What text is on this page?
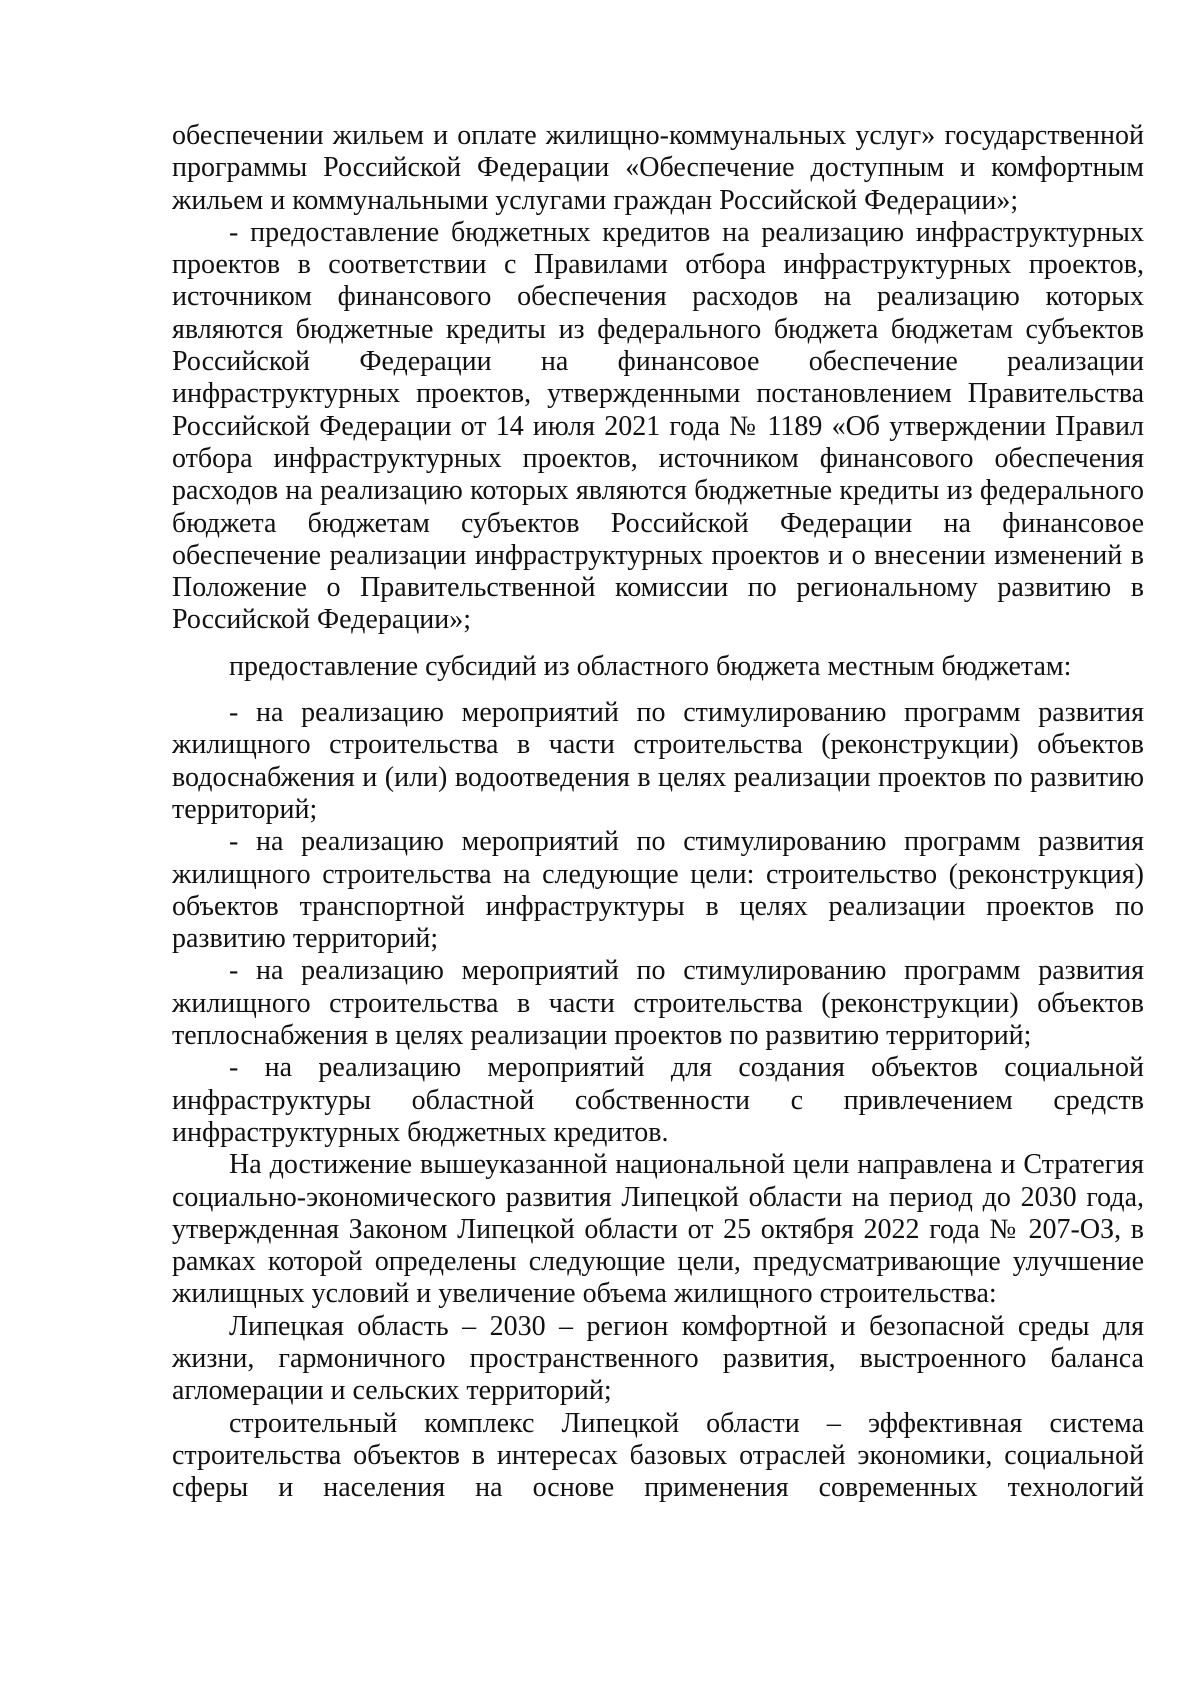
обеспечении жильем и оплате жилищно-коммунальных услуг» государственной программы Российской Федерации «Обеспечение доступным и комфортным жильем и коммунальными услугами граждан Российской Федерации»;

- предоставление бюджетных кредитов на реализацию инфраструктурных проектов в соответствии с Правилами отбора инфраструктурных проектов, источником финансового обеспечения расходов на реализацию которых являются бюджетные кредиты из федерального бюджета бюджетам субъектов Российской Федерации на финансовое обеспечение реализации инфраструктурных проектов, утвержденными постановлением Правительства Российской Федерации от 14 июля 2021 года № 1189 «Об утверждении Правил отбора инфраструктурных проектов, источником финансового обеспечения расходов на реализацию которых являются бюджетные кредиты из федерального бюджета бюджетам субъектов Российской Федерации на финансовое обеспечение реализации инфраструктурных проектов и о внесении изменений в Положение о Правительственной комиссии по региональному развитию в Российской Федерации»;

предоставление субсидий из областного бюджета местным бюджетам:

- на реализацию мероприятий по стимулированию программ развития жилищного строительства в части строительства (реконструкции) объектов водоснабжения и (или) водоотведения в целях реализации проектов по развитию территорий;

- на реализацию мероприятий по стимулированию программ развития жилищного строительства на следующие цели: строительство (реконструкция) объектов транспортной инфраструктуры в целях реализации проектов по развитию территорий;

- на реализацию мероприятий по стимулированию программ развития жилищного строительства в части строительства (реконструкции) объектов теплоснабжения в целях реализации проектов по развитию территорий;

- на реализацию мероприятий для создания объектов социальной инфраструктуры областной собственности с привлечением средств инфраструктурных бюджетных кредитов.

На достижение вышеуказанной национальной цели направлена и Стратегия социально-экономического развития Липецкой области на период до 2030 года, утвержденная Законом Липецкой области от 25 октября 2022 года № 207-ОЗ, в рамках которой определены следующие цели, предусматривающие улучшение жилищных условий и увеличение объема жилищного строительства:

Липецкая область – 2030 – регион комфортной и безопасной среды для жизни, гармоничного пространственного развития, выстроенного баланса агломерации и сельских территорий;

строительный комплекс Липецкой области – эффективная система строительства объектов в интересах базовых отраслей экономики, социальной сферы и населения на основе применения современных технологий
